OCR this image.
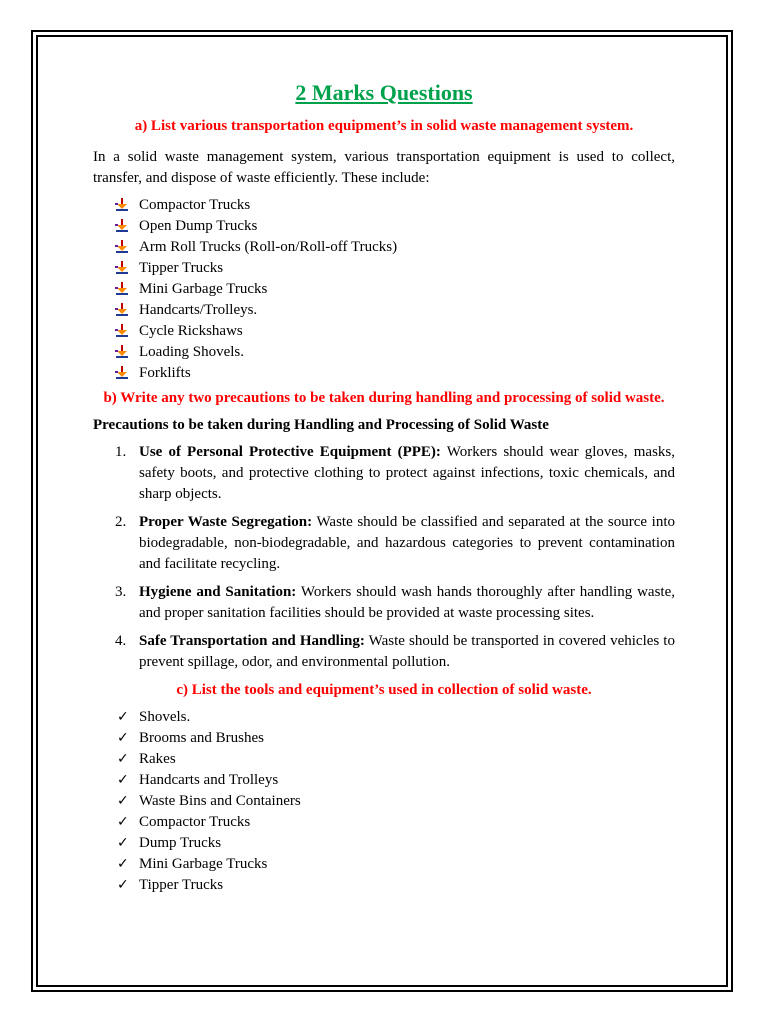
2 Marks Questions
a) List various transportation equipment’s in solid waste management system.

In a solid waste management system, various transportation equipment is used to collect, transfer, and dispose of waste efficiently. These include:

Compactor Trucks
Open Dump Trucks
Arm Roll Trucks (Roll-on/Roll-off Trucks)
Tipper Trucks
Mini Garbage Trucks
Handcarts/Trolleys.
Cycle Rickshaws
Loading Shovels.
Forklifts
b) Write any two precautions to be taken during handling and processing of solid waste.
Precautions to be taken during Handling and Processing of Solid Waste
1. Use of Personal Protective Equipment (PPE): Workers should wear gloves, masks, safety boots, and protective clothing to protect against infections, toxic chemicals, and sharp objects.
2. Proper Waste Segregation: Waste should be classified and separated at the source into biodegradable, non-biodegradable, and hazardous categories to prevent contamination and facilitate recycling.
3. Hygiene and Sanitation: Workers should wash hands thoroughly after handling waste, and proper sanitation facilities should be provided at waste processing sites.
4. Safe Transportation and Handling: Waste should be transported in covered vehicles to prevent spillage, odor, and environmental pollution.
c) List the tools and equipment’s used in collection of solid waste.
✓ Shovels.
✓ Brooms and Brushes
✓ Rakes
✓ Handcarts and Trolleys
✓ Waste Bins and Containers
✓ Compactor Trucks
✓ Dump Trucks
✓ Mini Garbage Trucks
✓ Tipper Trucks
